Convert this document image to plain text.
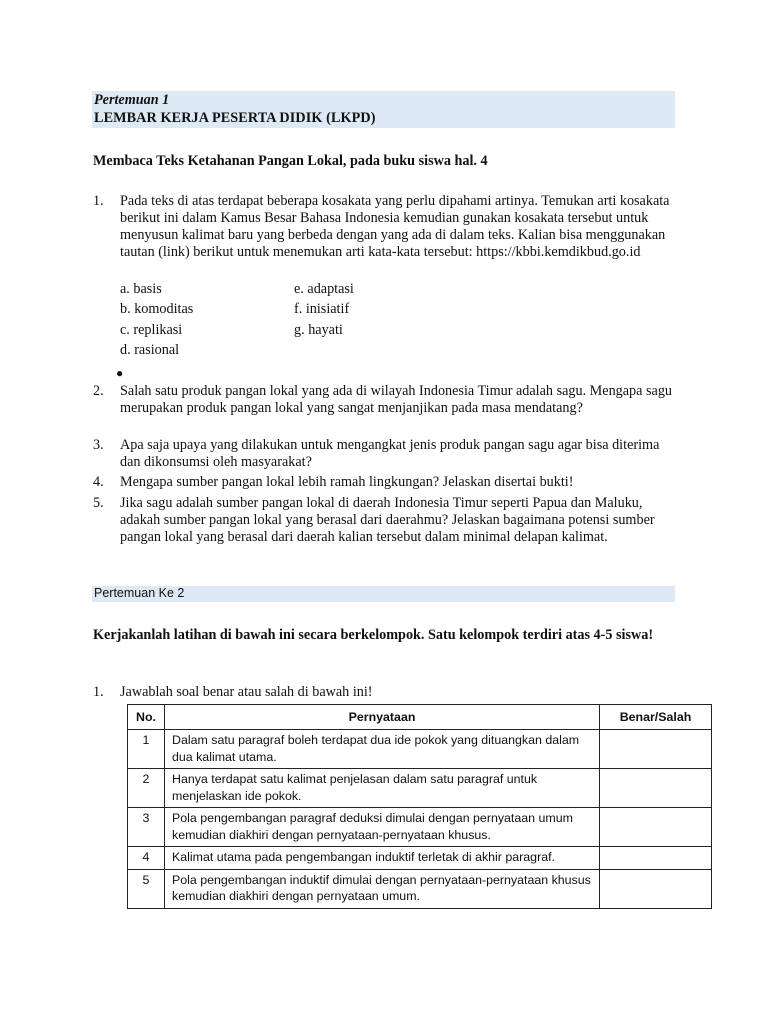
Pertemuan 1
LEMBAR KERJA PESERTA DIDIK (LKPD)
Membaca Teks Ketahanan Pangan Lokal, pada buku siswa hal. 4
1. Pada teks di atas terdapat beberapa kosakata yang perlu dipahami artinya. Temukan arti kosakata berikut ini dalam Kamus Besar Bahasa Indonesia kemudian gunakan kosakata tersebut untuk menyusun kalimat baru yang berbeda dengan yang ada di dalam teks. Kalian bisa menggunakan tautan (link) berikut untuk menemukan arti kata-kata tersebut: https://kbbi.kemdikbud.go.id
a. basis
b. komoditas
c. replikasi
d. rasional
e. adaptasi
f. inisiatif
g. hayati
●
2. Salah satu produk pangan lokal yang ada di wilayah Indonesia Timur adalah sagu. Mengapa sagu merupakan produk pangan lokal yang sangat menjanjikan pada masa mendatang?
3. Apa saja upaya yang dilakukan untuk mengangkat jenis produk pangan sagu agar bisa diterima dan dikonsumsi oleh masyarakat?
4. Mengapa sumber pangan lokal lebih ramah lingkungan? Jelaskan disertai bukti!
5. Jika sagu adalah sumber pangan lokal di daerah Indonesia Timur seperti Papua dan Maluku, adakah sumber pangan lokal yang berasal dari daerahmu? Jelaskan bagaimana potensi sumber pangan lokal yang berasal dari daerah kalian tersebut dalam minimal delapan kalimat.
Pertemuan Ke 2
Kerjakanlah latihan di bawah ini secara berkelompok. Satu kelompok terdiri atas 4-5 siswa!
1. Jawablah soal benar atau salah di bawah ini!
No.	Pernyataan	Benar/Salah
1	Dalam satu paragraf boleh terdapat dua ide pokok yang dituangkan dalam dua kalimat utama.	
2	Hanya terdapat satu kalimat penjelasan dalam satu paragraf untuk menjelaskan ide pokok.	
3	Pola pengembangan paragraf deduksi dimulai dengan pernyataan umum kemudian diakhiri dengan pernyataan-pernyataan khusus.	
4	Kalimat utama pada pengembangan induktif terletak di akhir paragraf.	
5	Pola pengembangan induktif dimulai dengan pernyataan-pernyataan khusus kemudian diakhiri dengan pernyataan umum.	
